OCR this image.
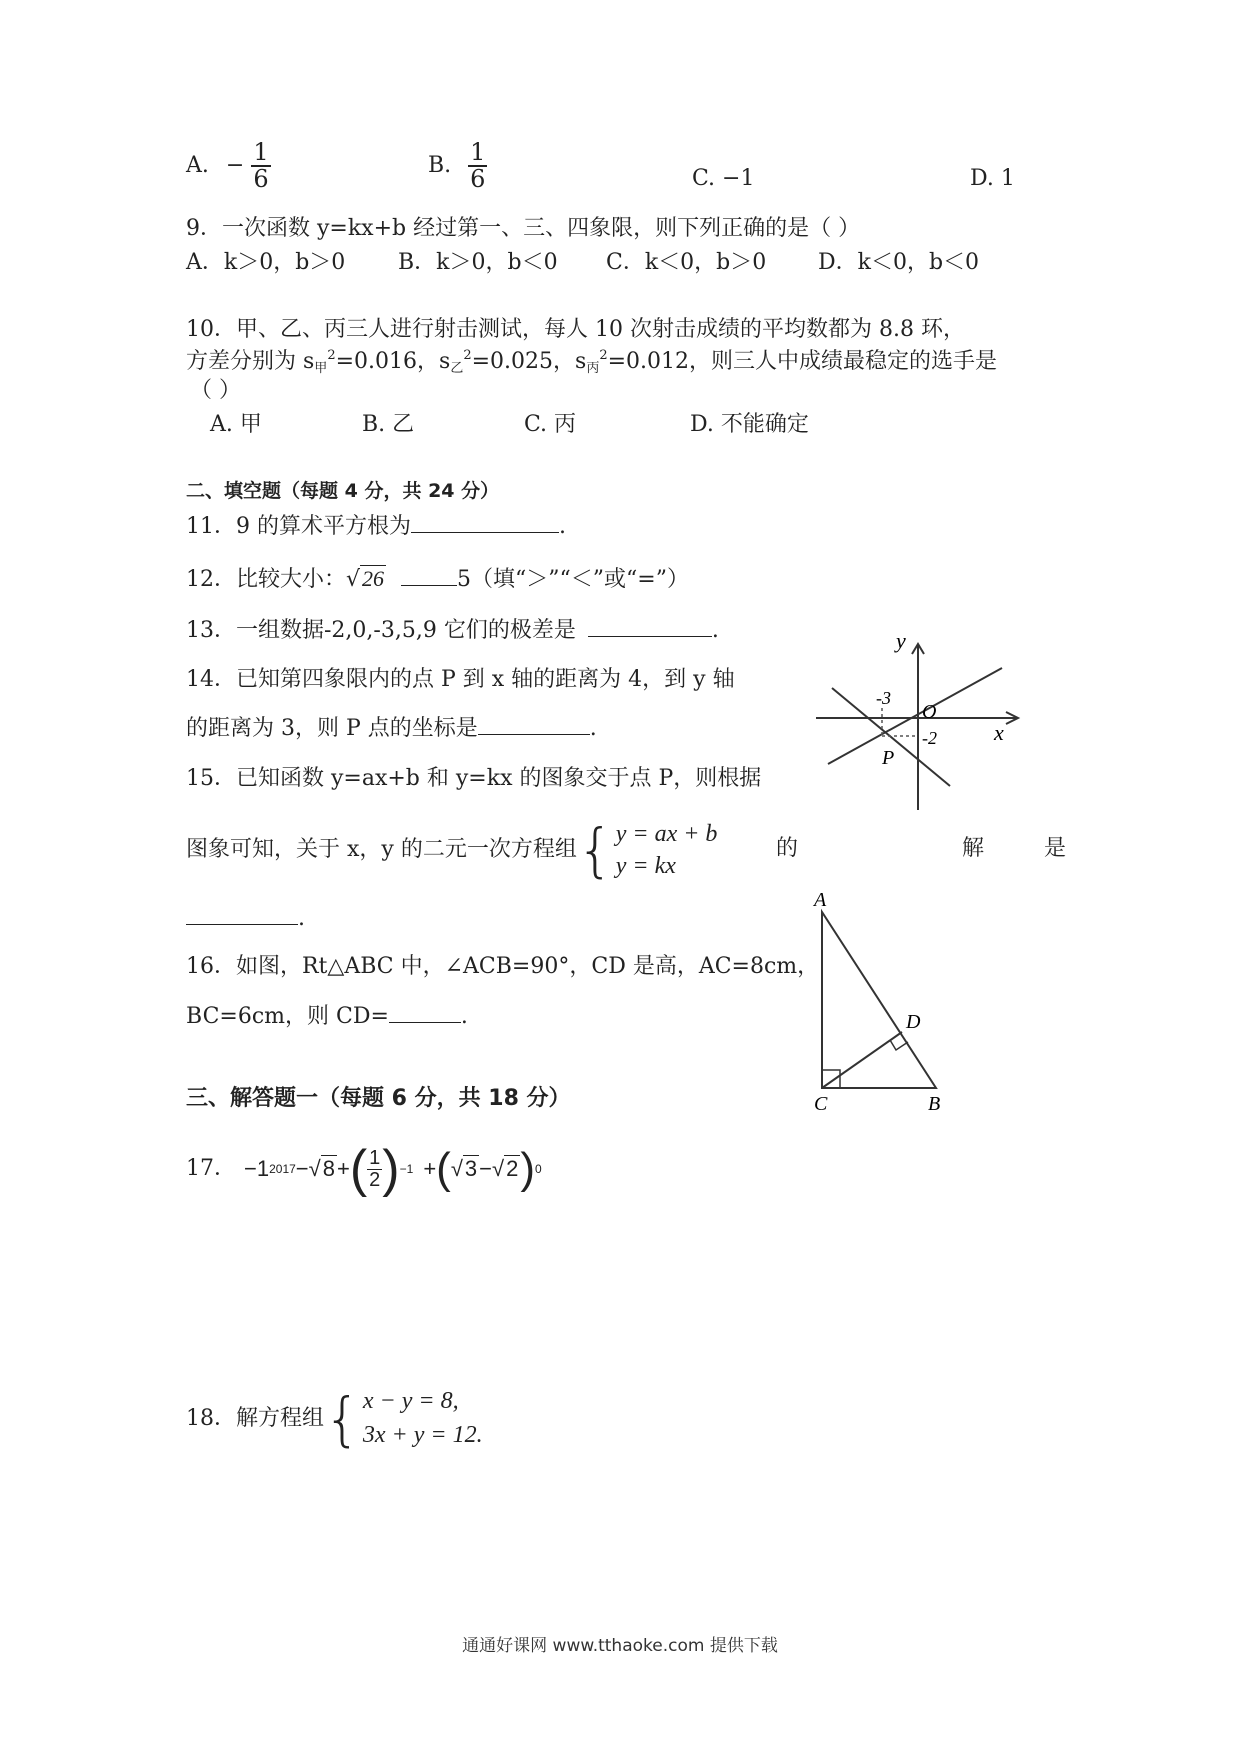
A. − $\frac{1}{6}$	B. $\frac{1}{6}$	C. −1	D. 1
9．一次函数 y=kx+b 经过第一、三、四象限，则下列正确的是（ ）
A．k＞0，b＞0 B．k＞0，b＜0 C．k＜0，b＞0 D．k＜0，b＜0
10．甲、乙、丙三人进行射击测试，每人 10 次射击成绩的平均数都为 8.8 环，
方差分别为 $s_甲^2=0.016$，$s_乙^2=0.025$，$s_丙^2=0.012$，则三人中成绩最稳定的选手是
（ ）
A. 甲	B. 乙	C. 丙	D. 不能确定
二、填空题（每题 4 分，共 24 分）
11．9 的算术平方根为	.
12．比较大小：√26	5（填“＞”“＜”或“=”）
13．一组数据-2,0,-3,5,9 它们的极差是	.
14．已知第四象限内的点 P 到 x 轴的距离为 4，到 y 轴
的距离为 3，则 P 点的坐标是	.
15．已知函数 y=ax+b 和 y=kx 的图象交于点 P，则根据
图象可知，关于 x，y 的二元一次方程组 { y = ax + b
y = kx
的	解	是
.
y
x
O
-3
-2
P
16．如图，Rt△ABC 中，∠ACB=90°，CD 是高，AC=8cm，
BC=6cm，则 CD=	.
A
C	B
D
三、解答题一（每题 6 分，共 18 分）
17． −1 2017 − √ 8 + ( $\frac{1}{2}$ ) −1 + ( √ 3 − √ 2 ) 0
18．解方程组 { x − y = 8,
3x + y = 12.
通通好课网 www.tthaoke.com 提供下载
